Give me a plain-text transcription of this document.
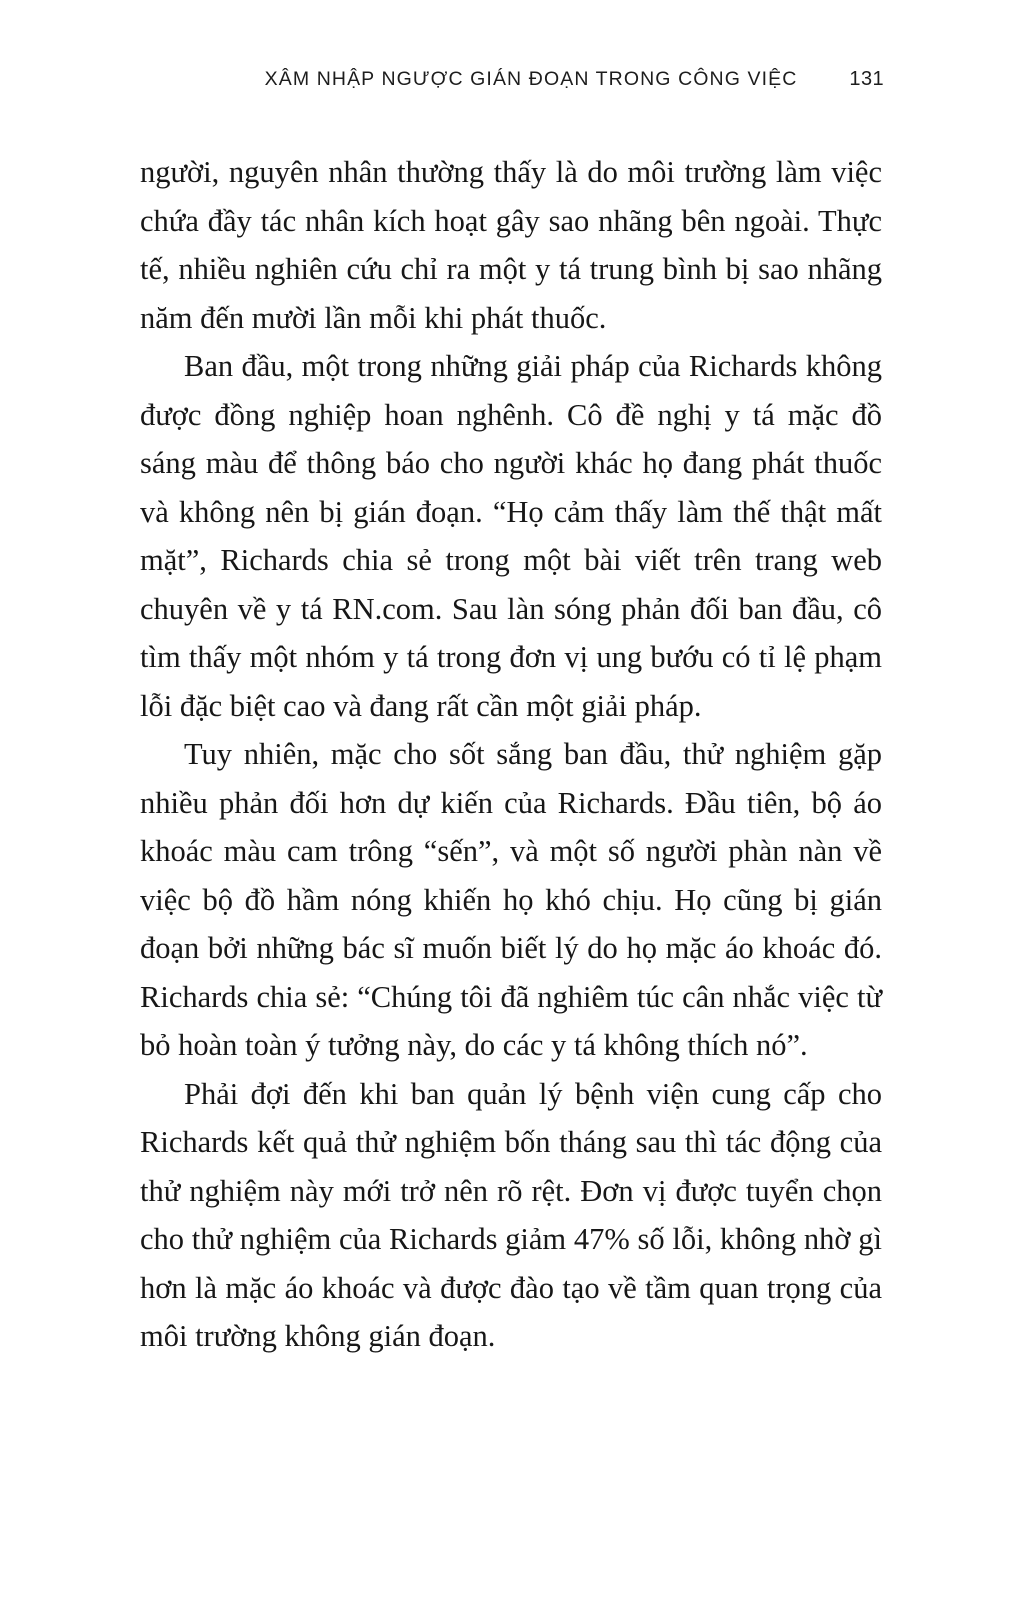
XÂM NHẬP NGƯỢC GIÁN ĐOẠN TRONG CÔNG VIỆC	131

người, nguyên nhân thường thấy là do môi trường làm việc chứa đầy tác nhân kích hoạt gây sao nhãng bên ngoài. Thực tế, nhiều nghiên cứu chỉ ra một y tá trung bình bị sao nhãng năm đến mười lần mỗi khi phát thuốc.

Ban đầu, một trong những giải pháp của Richards không được đồng nghiệp hoan nghênh. Cô đề nghị y tá mặc đồ sáng màu để thông báo cho người khác họ đang phát thuốc và không nên bị gián đoạn. “Họ cảm thấy làm thế thật mất mặt”, Richards chia sẻ trong một bài viết trên trang web chuyên về y tá RN.com. Sau làn sóng phản đối ban đầu, cô tìm thấy một nhóm y tá trong đơn vị ung bướu có tỉ lệ phạm lỗi đặc biệt cao và đang rất cần một giải pháp.

Tuy nhiên, mặc cho sốt sắng ban đầu, thử nghiệm gặp nhiều phản đối hơn dự kiến của Richards. Đầu tiên, bộ áo khoác màu cam trông “sến”, và một số người phàn nàn về việc bộ đồ hầm nóng khiến họ khó chịu. Họ cũng bị gián đoạn bởi những bác sĩ muốn biết lý do họ mặc áo khoác đó. Richards chia sẻ: “Chúng tôi đã nghiêm túc cân nhắc việc từ bỏ hoàn toàn ý tưởng này, do các y tá không thích nó”.

Phải đợi đến khi ban quản lý bệnh viện cung cấp cho Richards kết quả thử nghiệm bốn tháng sau thì tác động của thử nghiệm này mới trở nên rõ rệt. Đơn vị được tuyển chọn cho thử nghiệm của Richards giảm 47% số lỗi, không nhờ gì hơn là mặc áo khoác và được đào tạo về tầm quan trọng của môi trường không gián đoạn.
